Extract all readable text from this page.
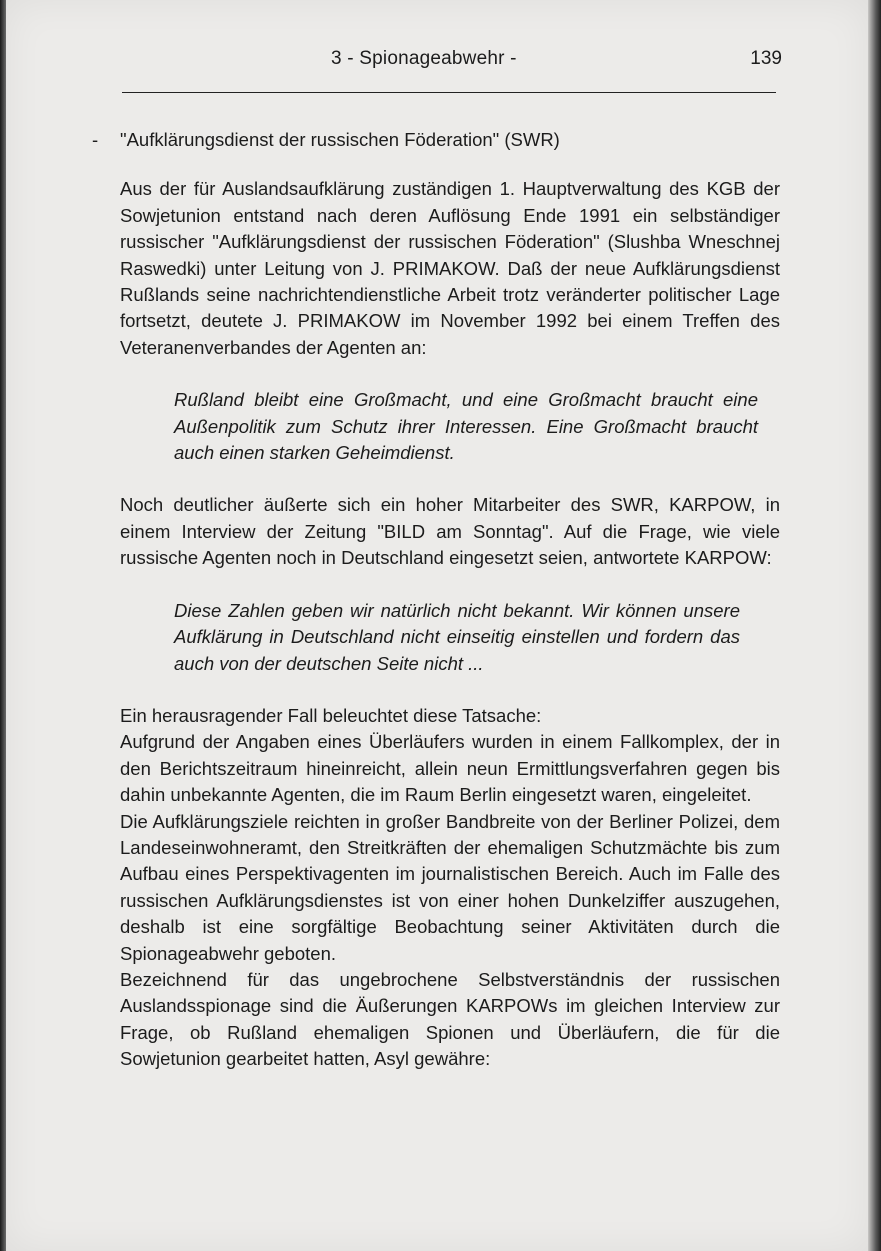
3 - Spionageabwehr -	139
- "Aufklärungsdienst der russischen Föderation" (SWR)

Aus der für Auslandsaufklärung zuständigen 1. Hauptverwaltung des KGB der Sowjetunion entstand nach deren Auflösung Ende 1991 ein selbständiger russischer "Aufklärungsdienst der russischen Föderation" (Slushba Wneschnej Raswedki) unter Leitung von J. PRIMAKOW. Daß der neue Aufklärungsdienst Rußlands seine nachrichtendienstliche Arbeit trotz veränderter politischer Lage fortsetzt, deutete J. PRIMAKOW im November 1992 bei einem Treffen des Veteranenverbandes der Agenten an:

Rußland bleibt eine Großmacht, und eine Großmacht braucht eine Außenpolitik zum Schutz ihrer Interessen. Eine Großmacht braucht auch einen starken Geheimdienst.

Noch deutlicher äußerte sich ein hoher Mitarbeiter des SWR, KARPOW, in einem Interview der Zeitung "BILD am Sonntag". Auf die Frage, wie viele russische Agenten noch in Deutschland eingesetzt seien, antwortete KARPOW:

Diese Zahlen geben wir natürlich nicht bekannt. Wir können unsere Aufklärung in Deutschland nicht einseitig einstellen und fordern das auch von der deutschen Seite nicht ...

Ein herausragender Fall beleuchtet diese Tatsache:

Aufgrund der Angaben eines Überläufers wurden in einem Fallkomplex, der in den Berichtszeitraum hineinreicht, allein neun Ermittlungsverfahren gegen bis dahin unbekannte Agenten, die im Raum Berlin eingesetzt waren, eingeleitet.

Die Aufklärungsziele reichten in großer Bandbreite von der Berliner Polizei, dem Landeseinwohneramt, den Streitkräften der ehemaligen Schutzmächte bis zum Aufbau eines Perspektivagenten im journalistischen Bereich. Auch im Falle des russischen Aufklärungsdienstes ist von einer hohen Dunkelziffer auszugehen, deshalb ist eine sorgfältige Beobachtung seiner Aktivitäten durch die Spionageabwehr geboten.

Bezeichnend für das ungebrochene Selbstverständnis der russischen Auslandsspionage sind die Äußerungen KARPOWs im gleichen Interview zur Frage, ob Rußland ehemaligen Spionen und Überläufern, die für die Sowjetunion gearbeitet hatten, Asyl gewähre:
